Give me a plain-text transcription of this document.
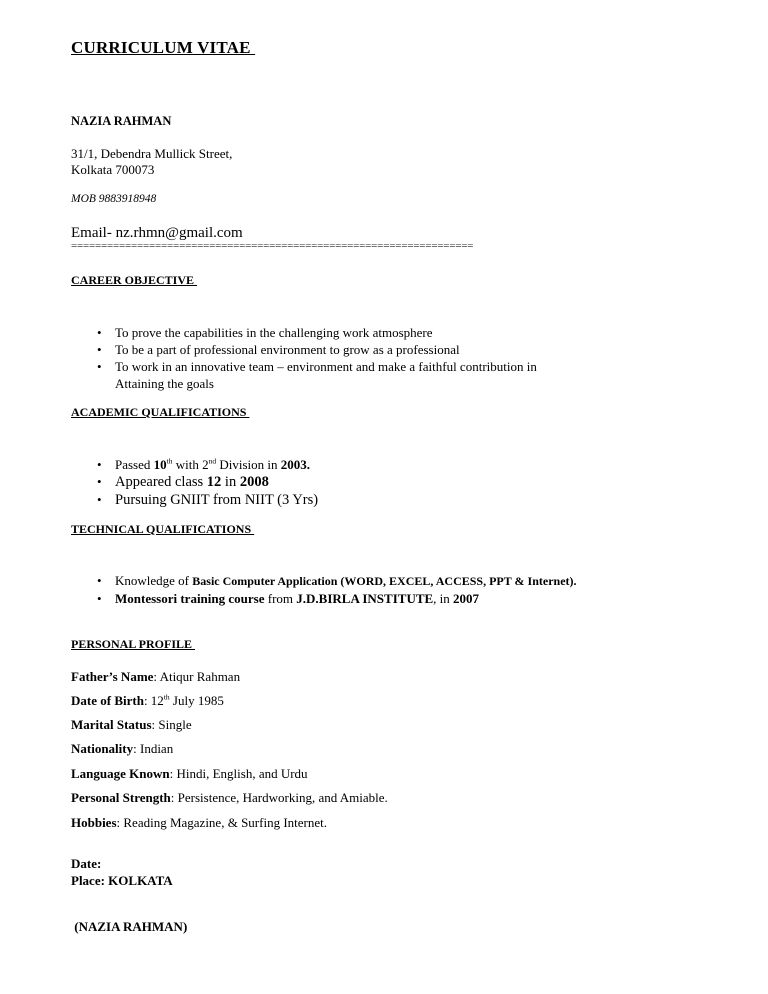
CURRICULUM VITAE
NAZIA RAHMAN
31/1, Debendra Mullick Street,
Kolkata 700073
MOB 9883918948
Email- nz.rhmn@gmail.com
===================================================================
CAREER OBJECTIVE
• To prove the capabilities in the challenging work atmosphere
• To be a part of professional environment to grow as a professional
• To work in an innovative team – environment and make a faithful contribution in
Attaining the goals
ACADEMIC QUALIFICATIONS
• Passed 10th with 2nd Division in 2003.
• Appeared class 12 in 2008
• Pursuing GNIIT from NIIT (3 Yrs)
TECHNICAL QUALIFICATIONS
• Knowledge of Basic Computer Application (WORD, EXCEL, ACCESS, PPT & Internet).
• Montessori training course from J.D.BIRLA INSTITUTE, in 2007
PERSONAL PROFILE
Father’s Name: Atiqur Rahman
Date of Birth: 12th July 1985
Marital Status: Single
Nationality: Indian
Language Known: Hindi, English, and Urdu
Personal Strength: Persistence, Hardworking, and Amiable.
Hobbies: Reading Magazine, & Surfing Internet.
Date:
Place: KOLKATA
(NAZIA RAHMAN)
